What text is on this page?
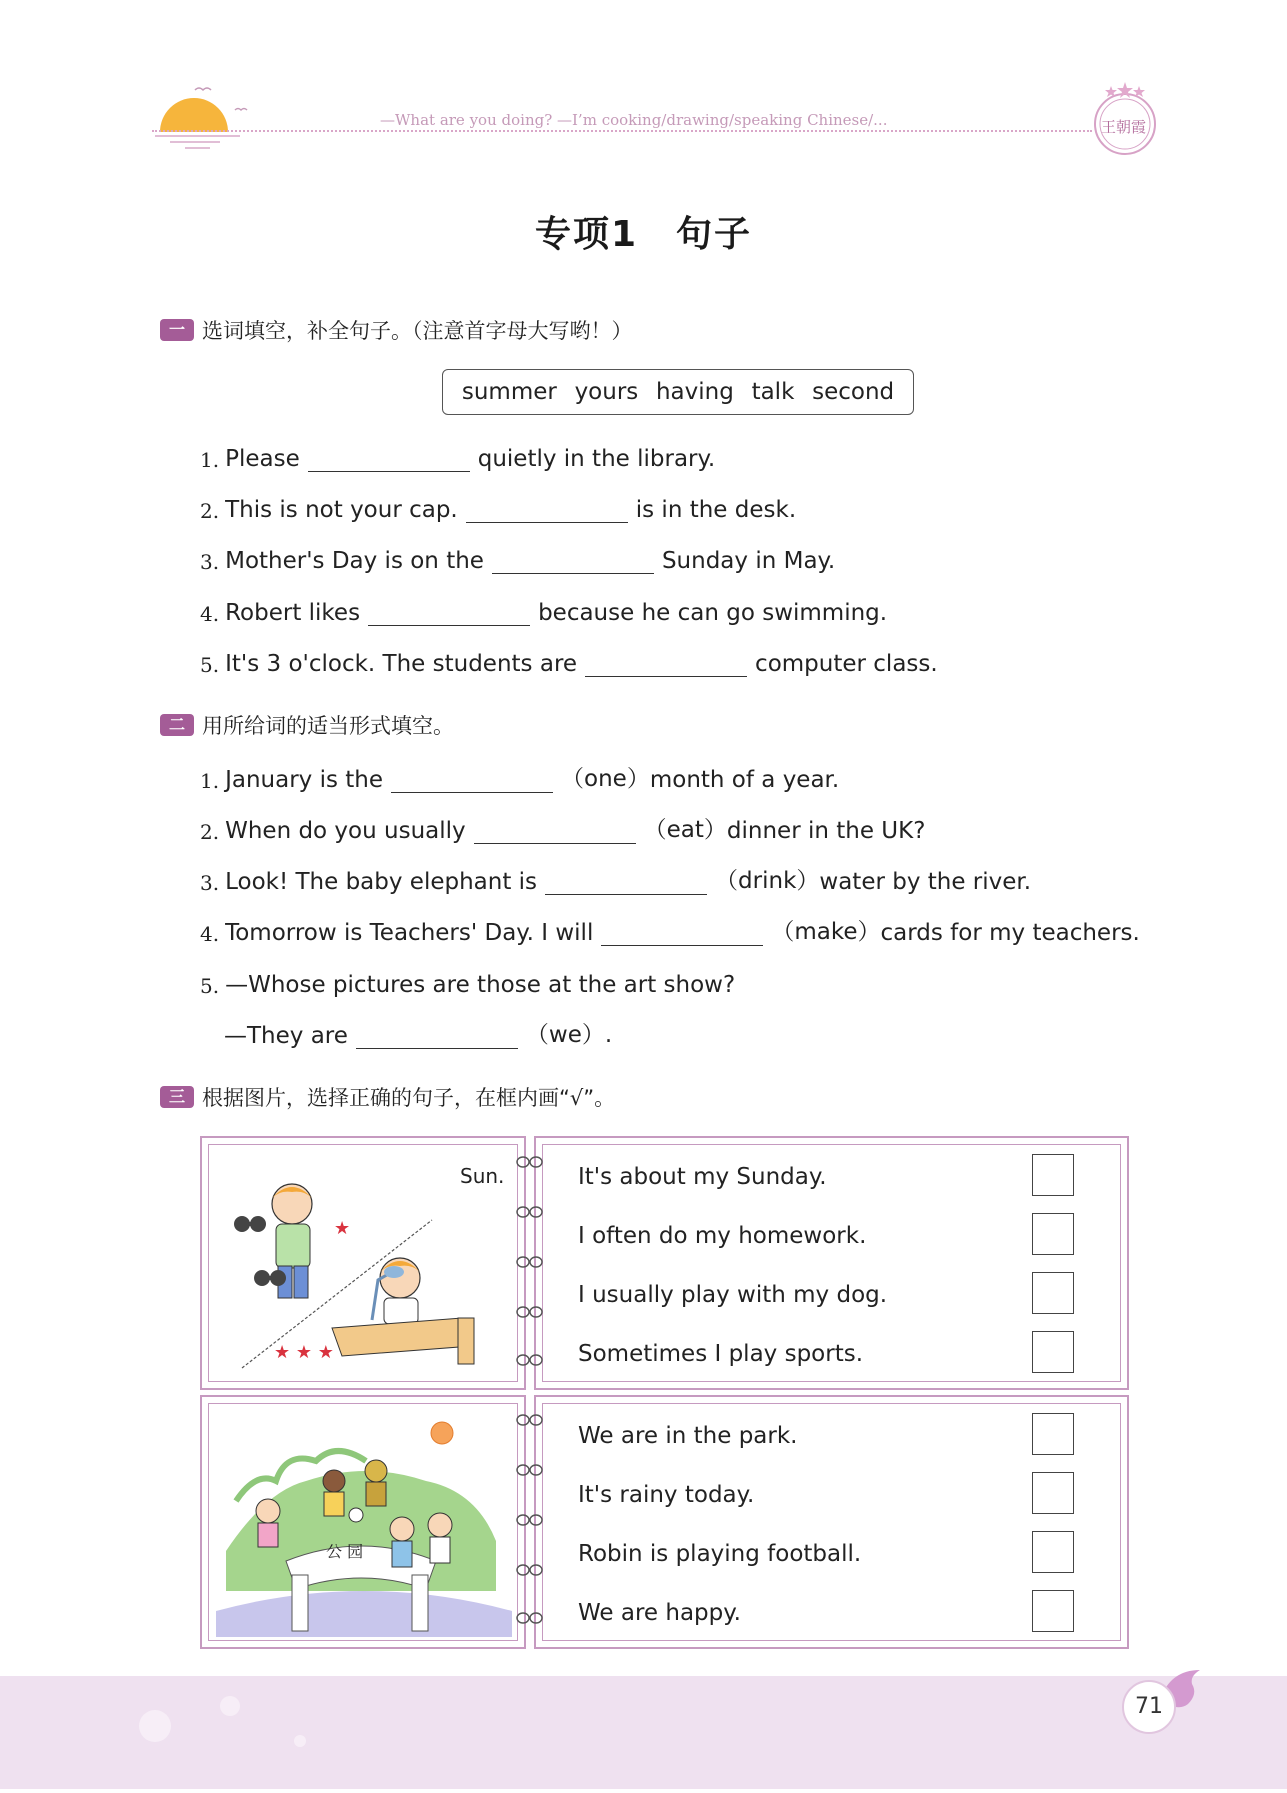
—What are you doing? —I’m cooking/drawing/speaking Chinese/...	王朝霞
专项1　句子
一 选词填空，补全句子。（注意首字母大写哟！）
summer yours having talk second
1. Please	quietly in the library.
2. This is not your cap.	is in the desk.
3. Mother's Day is on the	Sunday in May.
4. Robert likes	because he can go swimming.
5. It's 3 o'clock. The students are	computer class.
二 用所给词的适当形式填空。
1. January is the	（one） month of a year.
2. When do you usually	（eat） dinner in the UK?
3. Look! The baby elephant is	（drink） water by the river.
4. Tomorrow is Teachers' Day. I will	（make） cards for my teachers.
5. —Whose pictures are those at the art show?
—They are	（we）.
三 根据图片，选择正确的句子，在框内画“√”。
Sun.
★
★ ★ ★
It's about my Sunday.
I often do my homework.
I usually play with my dog.
Sometimes I play sports.
公 园
We are in the park.
It's rainy today.
Robin is playing football.
We are happy.
71
